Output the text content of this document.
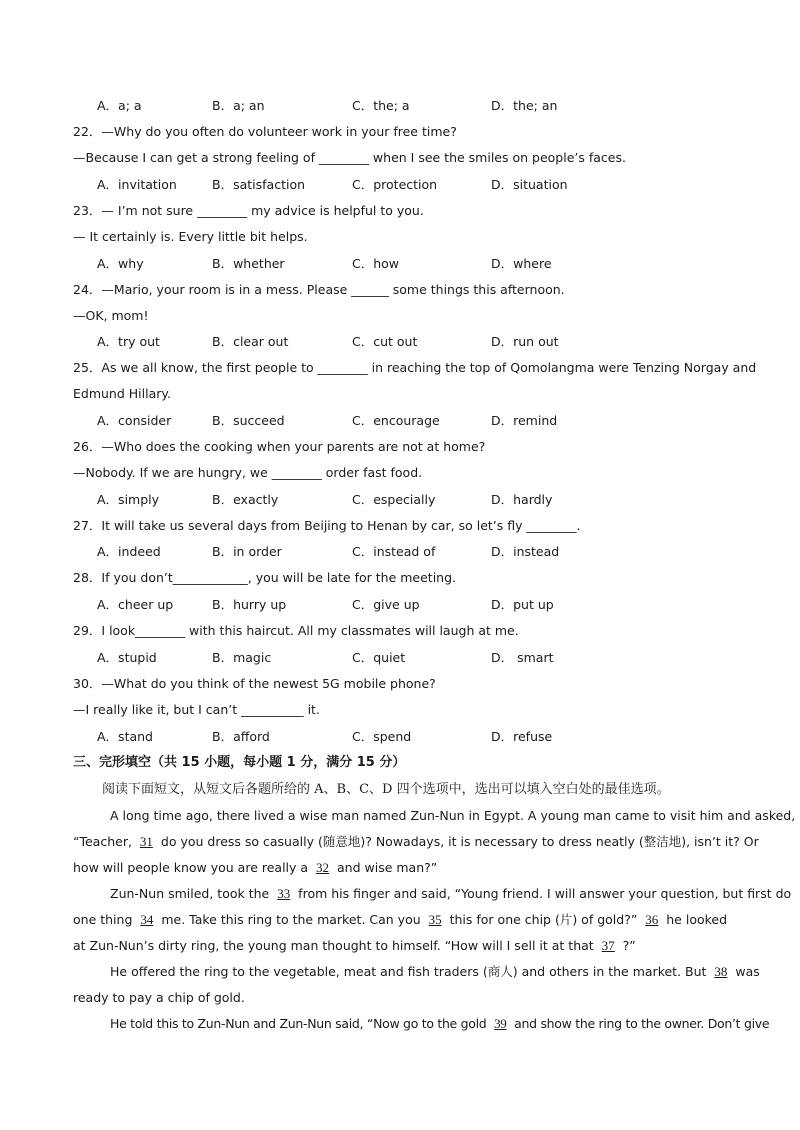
A．a; a	B．a; an	C．the; a	D．the; an
22．—Why do you often do volunteer work in your free time?
—Because I can get a strong feeling of ________ when I see the smiles on people’s faces.
A．invitation	B．satisfaction	C．protection	D．situation
23．— I’m not sure ________ my advice is helpful to you.
— It certainly is. Every little bit helps.
A．why	B．whether	C．how	D．where
24．—Mario, your room is in a mess. Please ______ some things this afternoon.
—OK, mom!
A．try out	B．clear out	C．cut out	D．run out
25．As we all know, the first people to ________ in reaching the top of Qomolangma were Tenzing Norgay and
Edmund Hillary.
A．consider	B．succeed	C．encourage	D．remind
26．—Who does the cooking when your parents are not at home?
—Nobody. If we are hungry, we ________ order fast food.
A．simply	B．exactly	C．especially	D．hardly
27．It will take us several days from Beijing to Henan by car, so let’s fly ________.
A．indeed	B．in order	C．instead of	D．instead
28．If you don’t____________, you will be late for the meeting.
A．cheer up	B．hurry up	C．give up	D．put up
29．I look________ with this haircut. All my classmates will laugh at me.
A．stupid	B．magic	C．quiet	D． smart
30．—What do you think of the newest 5G mobile phone?
—I really like it, but I can’t __________ it.
A．stand	B．afford	C．spend	D．refuse
三、完形填空（共 15 小题，每小题 1 分，满分 15 分）
阅读下面短文，从短文后各题所给的 A、B、C、D 四个选项中，选出可以填入空白处的最佳选项。
A long time ago, there lived a wise man named Zun-Nun in Egypt. A young man came to visit him and asked,
“Teacher, 31 do you dress so casually (随意地)? Nowadays, it is necessary to dress neatly (整洁地), isn’t it? Or
how will people know you are really a 32 and wise man?”
Zun-Nun smiled, took the 33 from his finger and said, “Young friend. I will answer your question, but first do
one thing 34 me. Take this ring to the market. Can you 35 this for one chip (片) of gold?” 36 he looked
at Zun-Nun’s dirty ring, the young man thought to himself. “How will I sell it at that 37 ?”
He offered the ring to the vegetable, meat and fish traders (商人) and others in the market. But 38 was
ready to pay a chip of gold.
He told this to Zun-Nun and Zun-Nun said, “Now go to the gold 39 and show the ring to the owner. Don’t give
